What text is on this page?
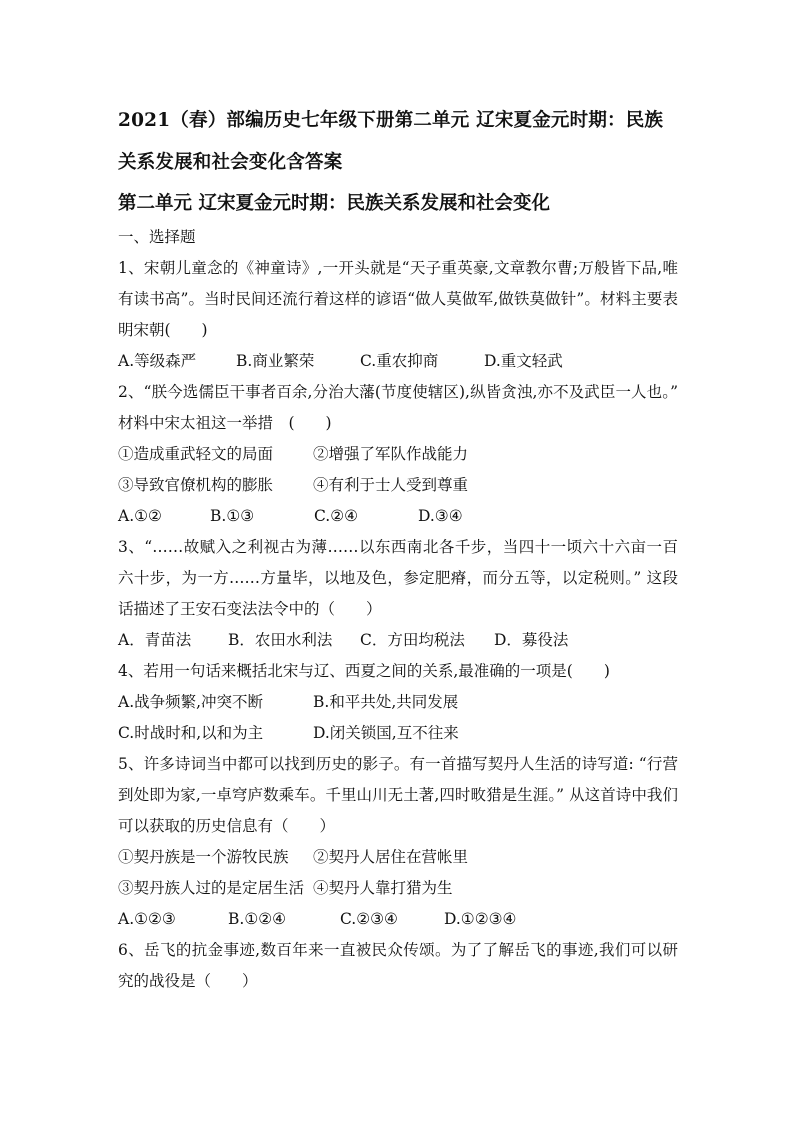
2021（春）部编历史七年级下册第二单元 辽宋夏金元时期：民族关系发展和社会变化含答案

第二单元 辽宋夏金元时期：民族关系发展和社会变化

一、选择题

1、宋朝儿童念的《神童诗》,一开头就是“天子重英豪,文章教尔曹;万般皆下品,唯有读书高”。当时民间还流行着这样的谚语“做人莫做军,做铁莫做针”。材料主要表明宋朝(　　)

A.等级森严	B.商业繁荣	C.重农抑商	D.重文轻武

2、“朕今选儒臣干事者百余,分治大藩(节度使辖区),纵皆贪浊,亦不及武臣一人也。” 材料中宋太祖这一举措　(　　)

①造成重武轻文的局面	②增强了军队作战能力
③导致官僚机构的膨胀	④有利于士人受到尊重
A.①②	B.①③	C.②④	D.③④

3、“……故赋入之利视古为薄……以东西南北各千步，当四十一顷六十六亩一百六十步，为一方……方量毕，以地及色，参定肥瘠，而分五等，以定税则。” 这段话描述了王安石变法法令中的（　　）

A．青苗法	B．农田水利法	C．方田均税法	D．募役法

4、若用一句话来概括北宋与辽、西夏之间的关系,最准确的一项是(　　)

A.战争频繁,冲突不断	B.和平共处,共同发展
C.时战时和,以和为主	D.闭关锁国,互不往来

5、许多诗词当中都可以找到历史的影子。有一首描写契丹人生活的诗写道: “行营到处即为家,一卓穹庐数乘车。千里山川无土著,四时畋猎是生涯。” 从这首诗中我们可以获取的历史信息有（　　）

①契丹族是一个游牧民族	②契丹人居住在营帐里
③契丹族人过的是定居生活 ④契丹人靠打猎为生
A.①②③	B.①②④	C.②③④	D.①②③④

6、岳飞的抗金事迹,数百年来一直被民众传颂。为了了解岳飞的事迹,我们可以研究的战役是（　　）
